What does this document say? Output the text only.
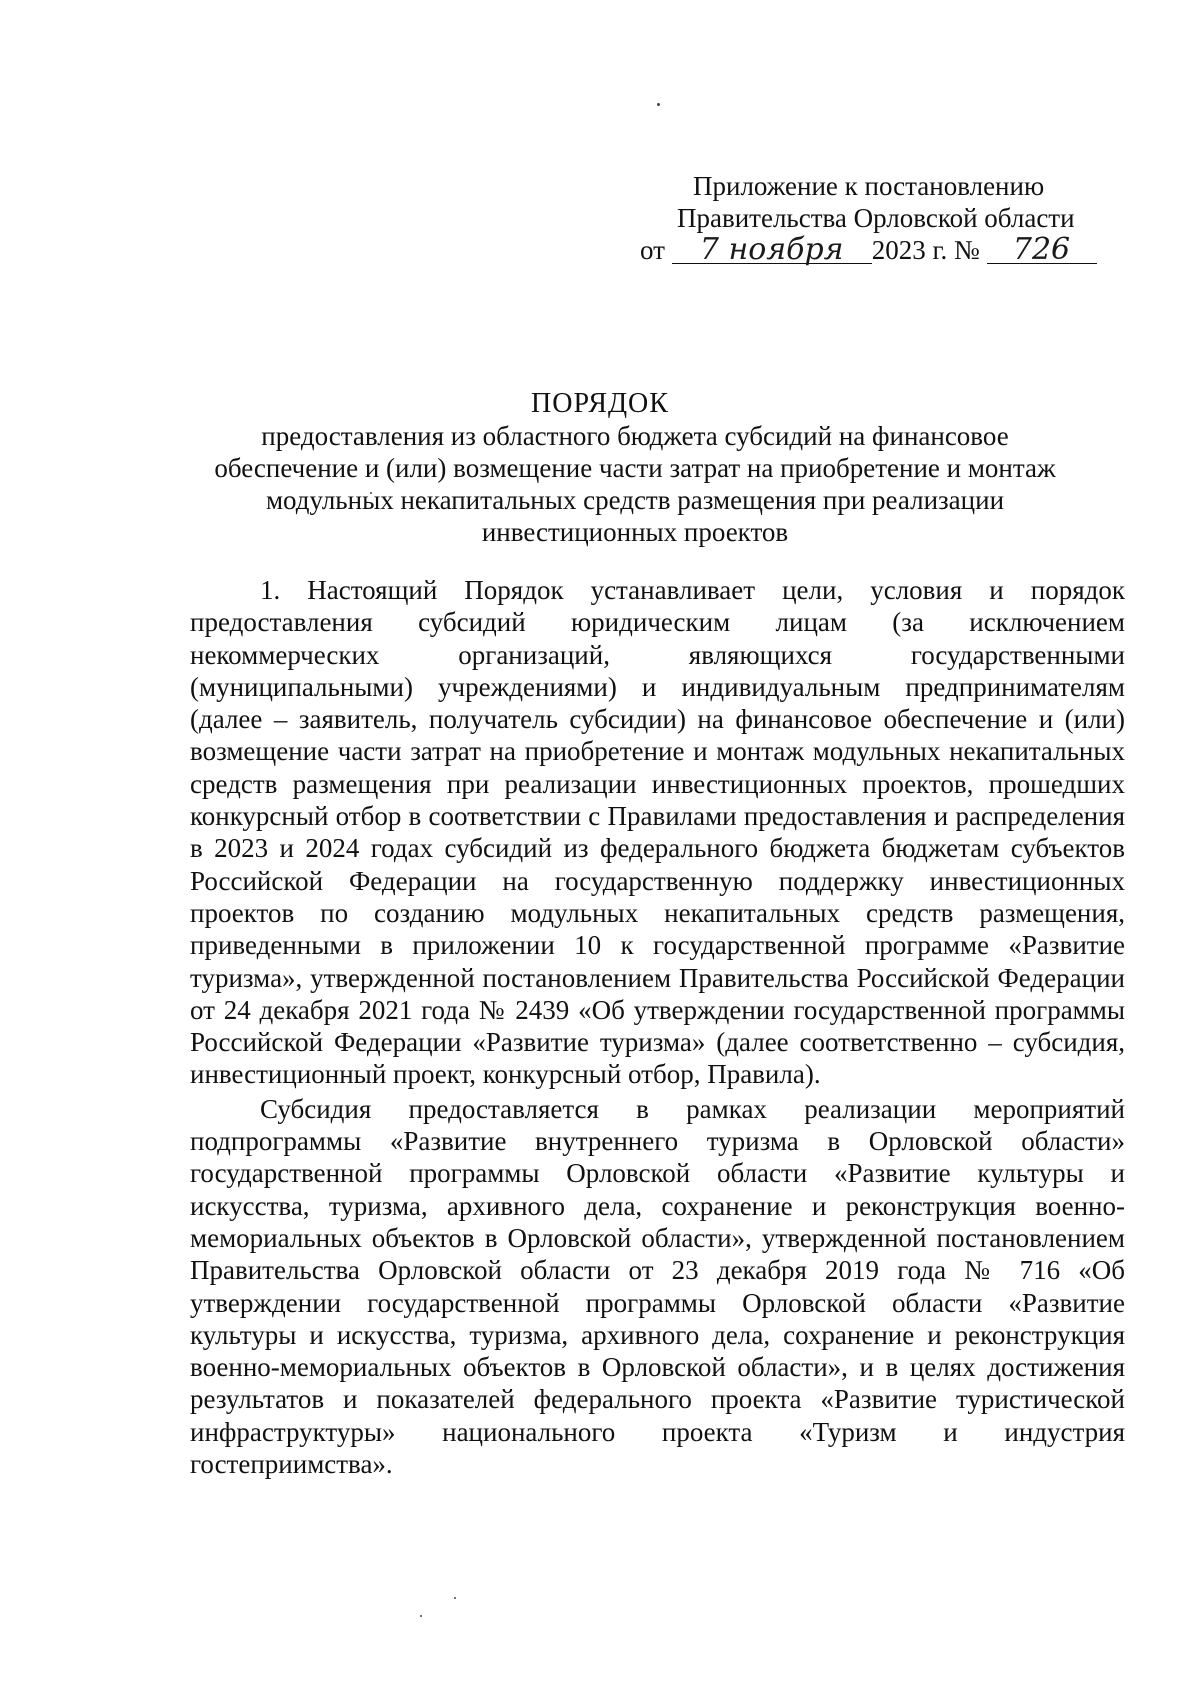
Приложение к постановлению
Правительства Орловской области
от 7 ноября 2023 г. № 726
ПОРЯДОК
предоставления из областного бюджета субсидий на финансовое
обеспечение и (или) возмещение части затрат на приобретение и монтаж
модульных некапитальных средств размещения при реализации
инвестиционных проектов

1. Настоящий Порядок устанавливает цели, условия и порядок предоставления субсидий юридическим лицам (за исключением некоммерческих организаций, являющихся государственными (муниципальными) учреждениями) и индивидуальным предпринимателям (далее – заявитель, получатель субсидии) на финансовое обеспечение и (или) возмещение части затрат на приобретение и монтаж модульных некапитальных средств размещения при реализации инвестиционных проектов, прошедших конкурсный отбор в соответствии с Правилами предоставления и распределения в 2023 и 2024 годах субсидий из федерального бюджета бюджетам субъектов Российской Федерации на государственную поддержку инвестиционных проектов по созданию модульных некапитальных средств размещения, приведенными в приложении 10 к государственной программе «Развитие туризма», утвержденной постановлением Правительства Российской Федерации от 24 декабря 2021 года № 2439 «Об утверждении государственной программы Российской Федерации «Развитие туризма» (далее соответственно – субсидия, инвестиционный проект, конкурсный отбор, Правила).

Субсидия предоставляется в рамках реализации мероприятий подпрограммы «Развитие внутреннего туризма в Орловской области» государственной программы Орловской области «Развитие культуры и искусства, туризма, архивного дела, сохранение и реконструкция военно-мемориальных объектов в Орловской области», утвержденной постановлением Правительства Орловской области от 23 декабря 2019 года № 716 «Об утверждении государственной программы Орловской области «Развитие культуры и искусства, туризма, архивного дела, сохранение и реконструкция военно-мемориальных объектов в Орловской области», и в целях достижения результатов и показателей федерального проекта «Развитие туристической инфраструктуры» национального проекта «Туризм и индустрия гостеприимства».
